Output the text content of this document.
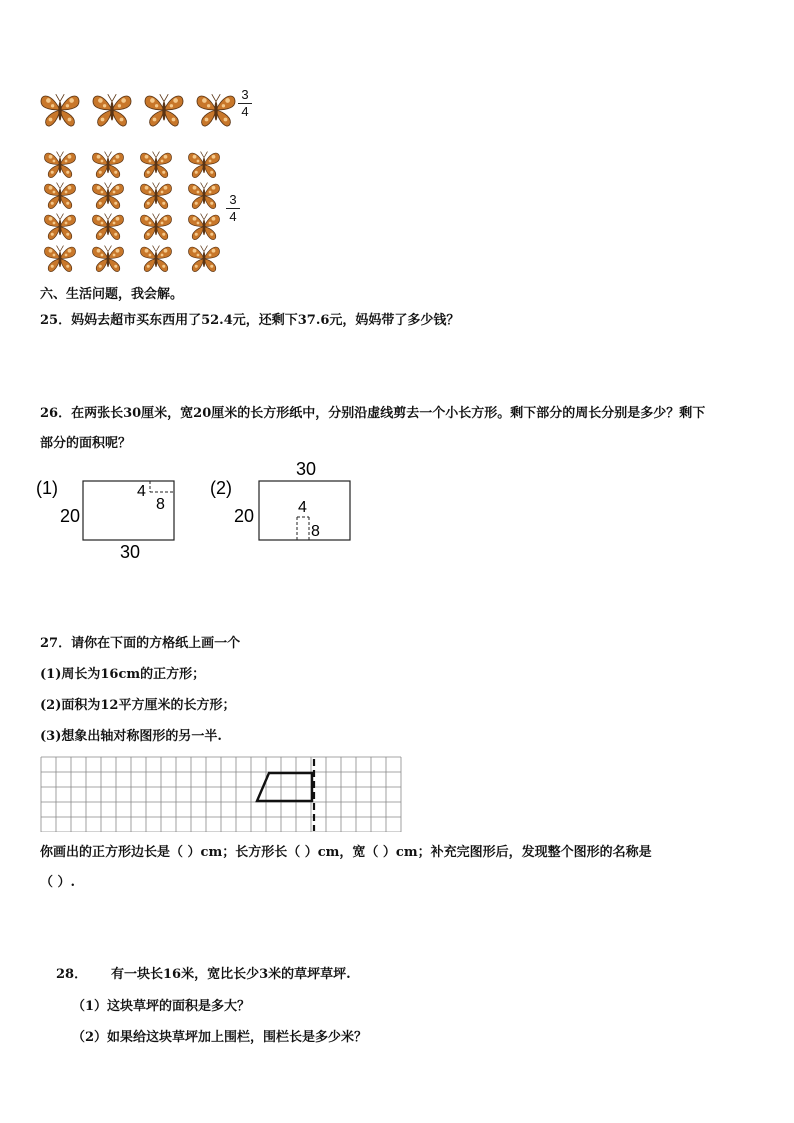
3
4
3
4
六、生活问题，我会解。
25．妈妈去超市买东西用了52.4元，还剩下37.6元，妈妈带了多少钱？
26．在两张长30厘米，宽20厘米的长方形纸中，分别沿虚线剪去一个小长方形。剩下部分的周长分别是多少？剩下
部分的面积呢？
(1)	4
8
20
30
(2)
30
4
8
20
27．请你在下面的方格纸上画一个
(1)周长为16cm的正方形；
(2)面积为12平方厘米的长方形；
(3)想象出轴对称图形的另一半.
你画出的正方形边长是（ ）cm；长方形长（ ）cm，宽（ ）cm；补充完图形后，发现整个图形的名称是
（ ）.
28． 有一块长16米，宽比长少3米的草坪草坪.
（1）这块草坪的面积是多大？
（2）如果给这块草坪加上围栏，围栏长是多少米？
